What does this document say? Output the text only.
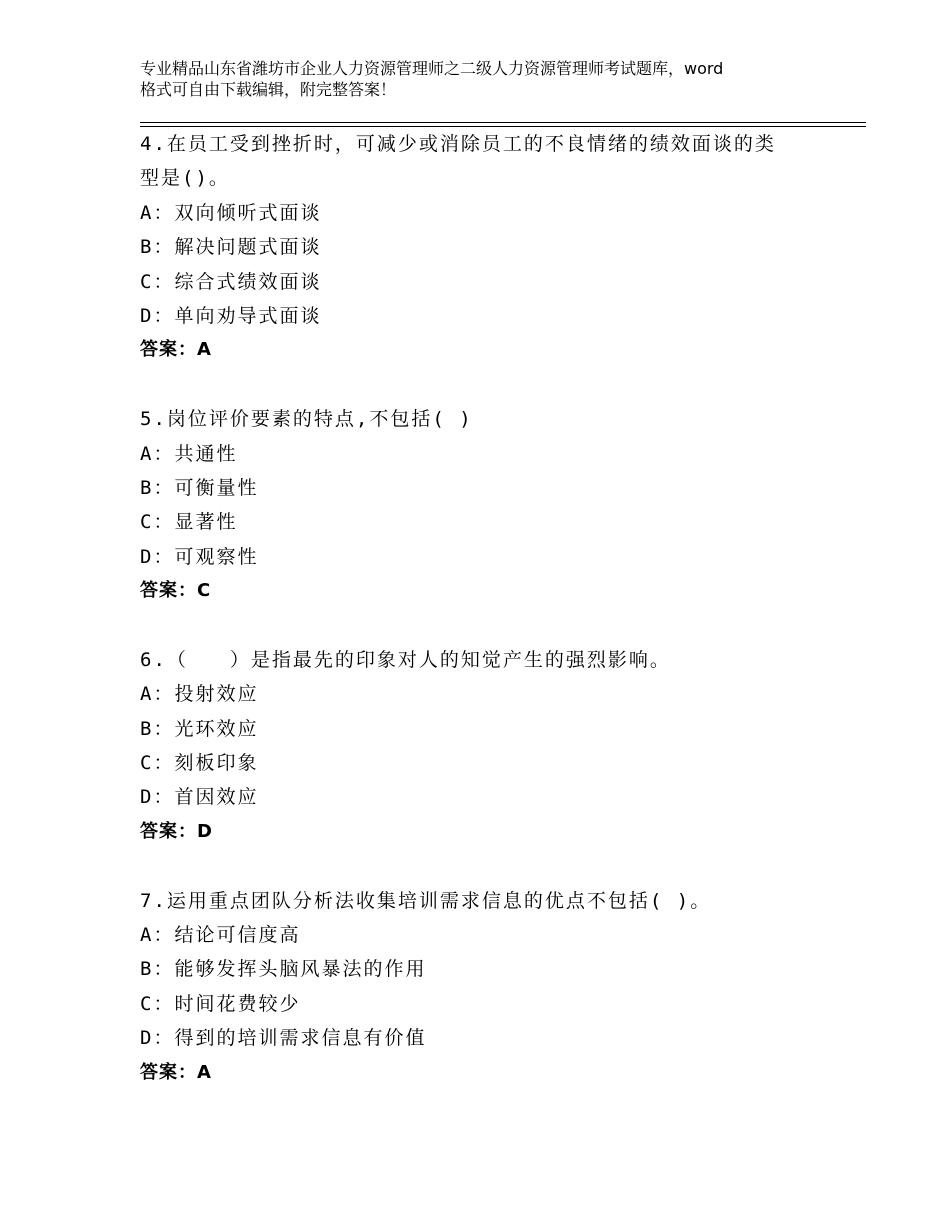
专业精品山东省潍坊市企业人力资源管理师之二级人力资源管理师考试题库，word
格式可自由下载编辑，附完整答案！
4.在员工受到挫折时，可减少或消除员工的不良情绪的绩效面谈的类
型是()。
A：双向倾听式面谈
B：解决问题式面谈
C：综合式绩效面谈
D：单向劝导式面谈
答案：A
5.岗位评价要素的特点,不包括( )
A：共通性
B：可衡量性
C：显著性
D：可观察性
答案：C
6.（　　）是指最先的印象对人的知觉产生的强烈影响。
A：投射效应
B：光环效应
C：刻板印象
D：首因效应
答案：D
7.运用重点团队分析法收集培训需求信息的优点不包括( )。
A：结论可信度高
B：能够发挥头脑风暴法的作用
C：时间花费较少
D：得到的培训需求信息有价值
答案：A
